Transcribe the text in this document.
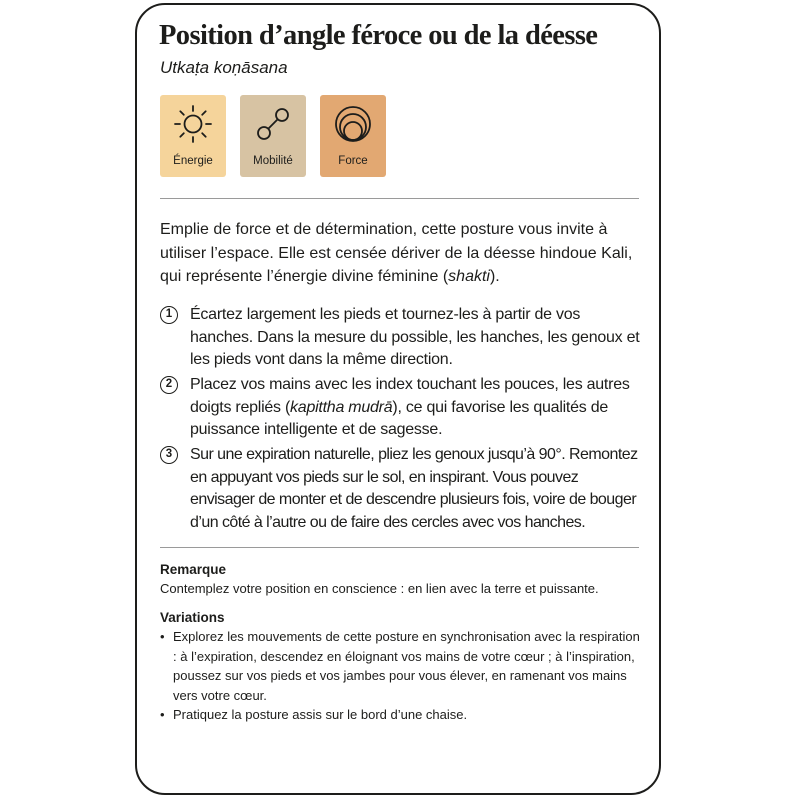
Position d’angle féroce ou de la déesse
Utkaṭa koṇāsana
Énergie	Mobilité	Force

Emplie de force et de détermination, cette posture vous invite à utiliser l’espace. Elle est censée dériver de la déesse hindoue Kali, qui représente l’énergie divine féminine (shakti).

1	Écartez largement les pieds et tournez-les à partir de vos hanches. Dans la mesure du possible, les hanches, les genoux et les pieds vont dans la même direction.

2	Placez vos mains avec les index touchant les pouces, les autres doigts repliés (kapittha mudrā), ce qui favorise les qualités de puissance intelligente et de sagesse.

3	Sur une expiration naturelle, pliez les genoux jusqu’à 90°. Remontez en appuyant vos pieds sur le sol, en inspirant. Vous pouvez envisager de monter et de descendre plusieurs fois, voire de bouger d’un côté à l’autre ou de faire des cercles avec vos hanches.

Remarque

Contemplez votre position en conscience : en lien avec la terre et puissante.

Variations
• Explorez les mouvements de cette posture en synchronisation avec la respiration : à l’expiration, descendez en éloignant vos mains de votre cœur ; à l’inspiration, poussez sur vos pieds et vos jambes pour vous élever, en ramenant vos mains vers votre cœur.
• Pratiquez la posture assis sur le bord d’une chaise.
